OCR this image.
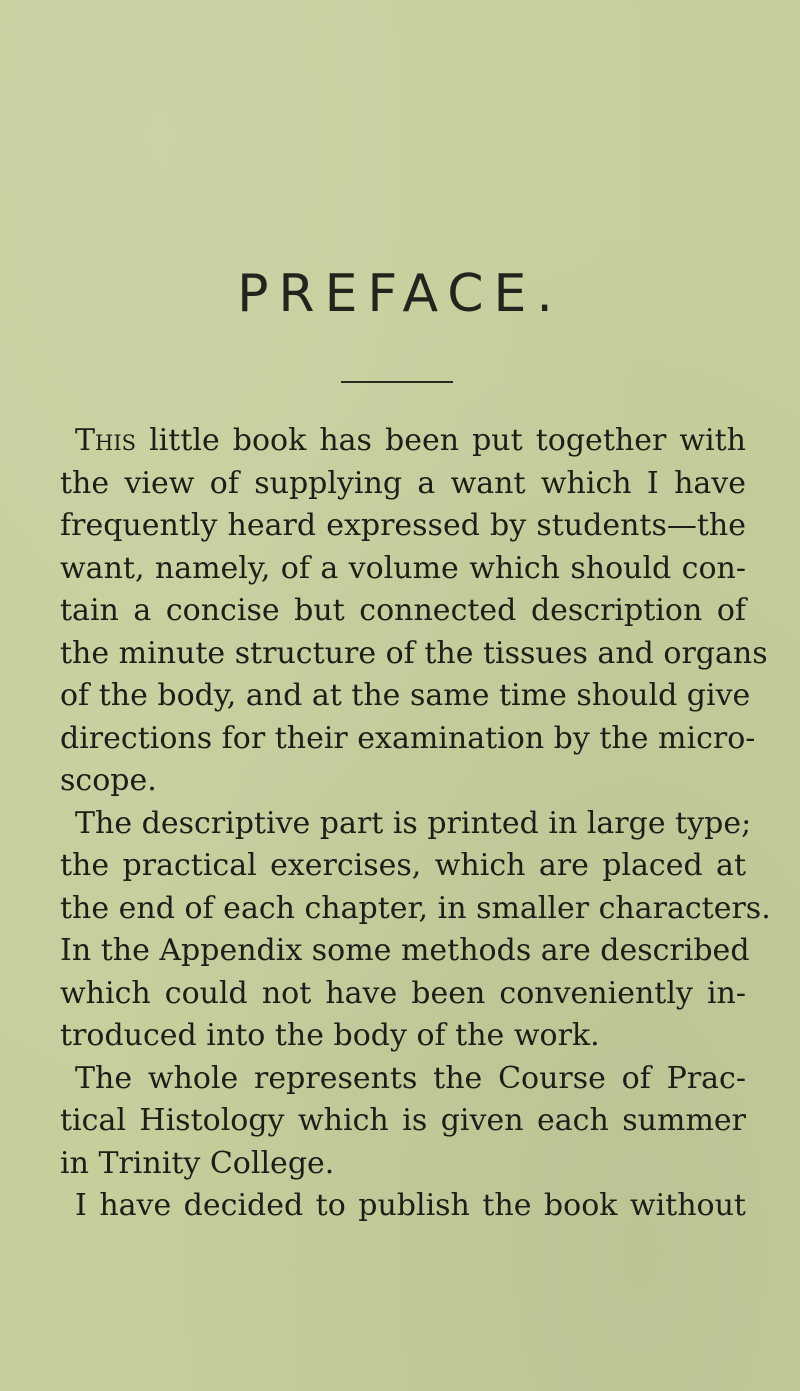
PREFACE.
This little book has been put together with
the view of supplying a want which I have
frequently heard expressed by students—the
want, namely, of a volume which should con-
tain a concise but connected description of
the minute structure of the tissues and organs
of the body, and at the same time should give
directions for their examination by the micro-
scope.
The descriptive part is printed in large type;
the practical exercises, which are placed at
the end of each chapter, in smaller characters.
In the Appendix some methods are described
which could not have been conveniently in-
troduced into the body of the work.
The whole represents the Course of Prac-
tical Histology which is given each summer
in Trinity College.
I have decided to publish the book without
